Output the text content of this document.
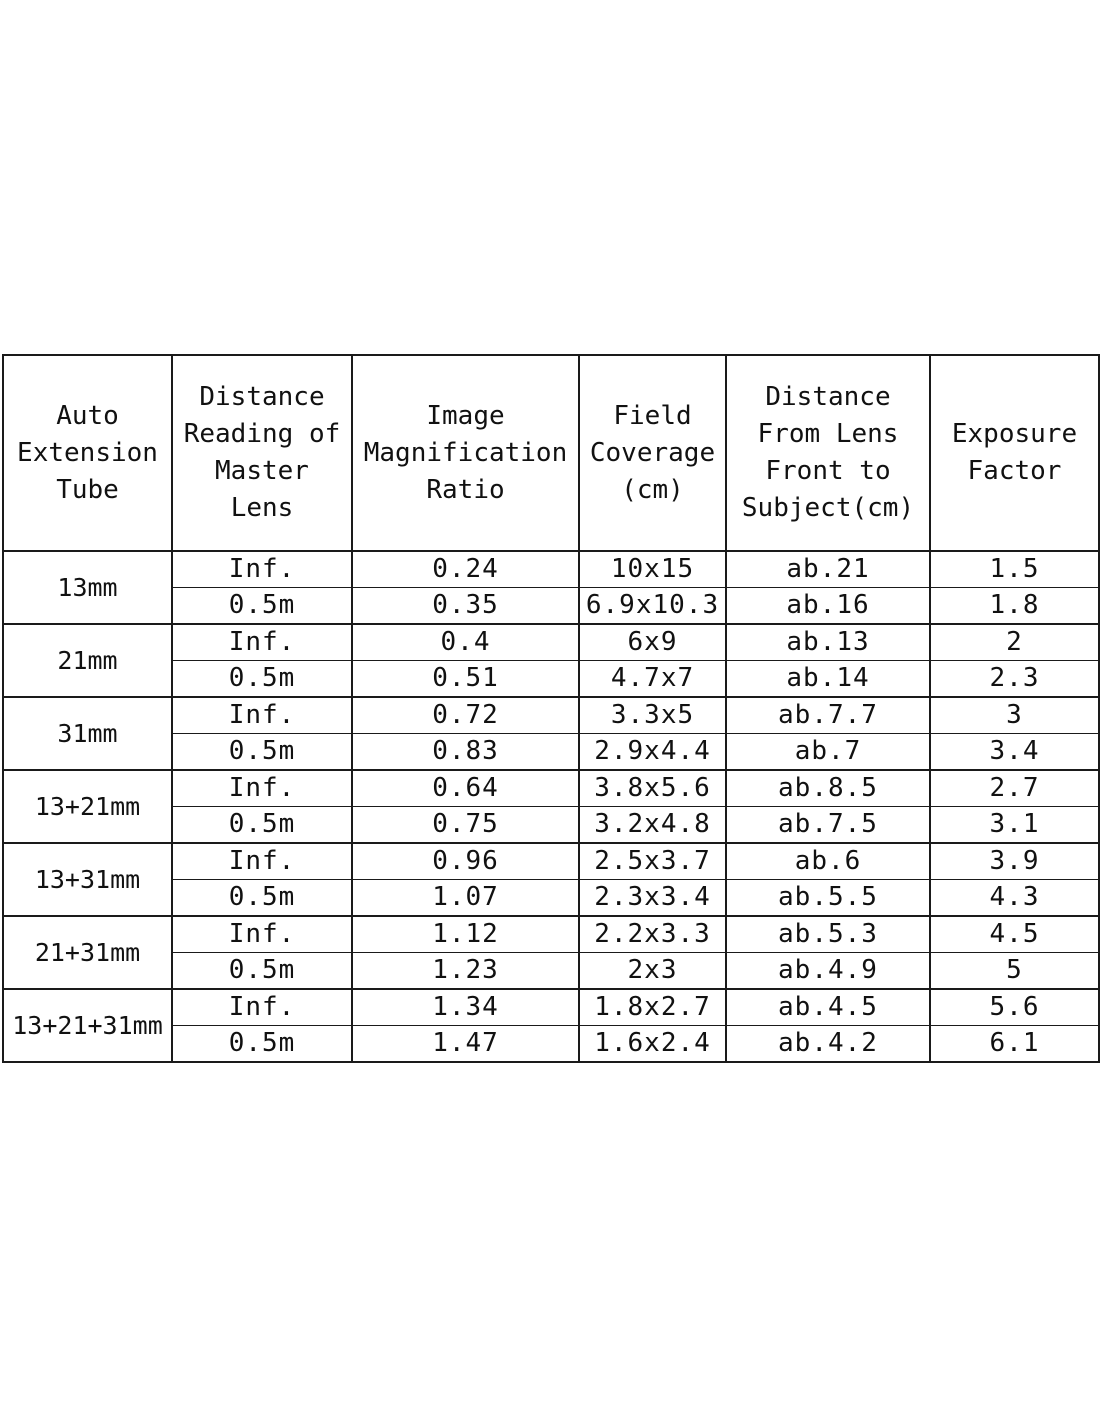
Auto
Extension
Tube	Distance
Reading of
Master
Lens	Image
Magnification
Ratio	Field
Coverage
(cm)	Distance
From Lens
Front to
Subject(cm)	Exposure
Factor
13mm	Inf.	0.24	10x15	ab.21	1.5
	0.5m	0.35	6.9x10.3	ab.16	1.8
21mm	Inf.	0.4	6x9	ab.13	2
	0.5m	0.51	4.7x7	ab.14	2.3
31mm	Inf.	0.72	3.3x5	ab.7.7	3
	0.5m	0.83	2.9x4.4	ab.7	3.4
13+21mm	Inf.	0.64	3.8x5.6	ab.8.5	2.7
	0.5m	0.75	3.2x4.8	ab.7.5	3.1
13+31mm	Inf.	0.96	2.5x3.7	ab.6	3.9
	0.5m	1.07	2.3x3.4	ab.5.5	4.3
21+31mm	Inf.	1.12	2.2x3.3	ab.5.3	4.5
	0.5m	1.23	2x3	ab.4.9	5
13+21+31mm	Inf.	1.34	1.8x2.7	ab.4.5	5.6
	0.5m	1.47	1.6x2.4	ab.4.2	6.1
